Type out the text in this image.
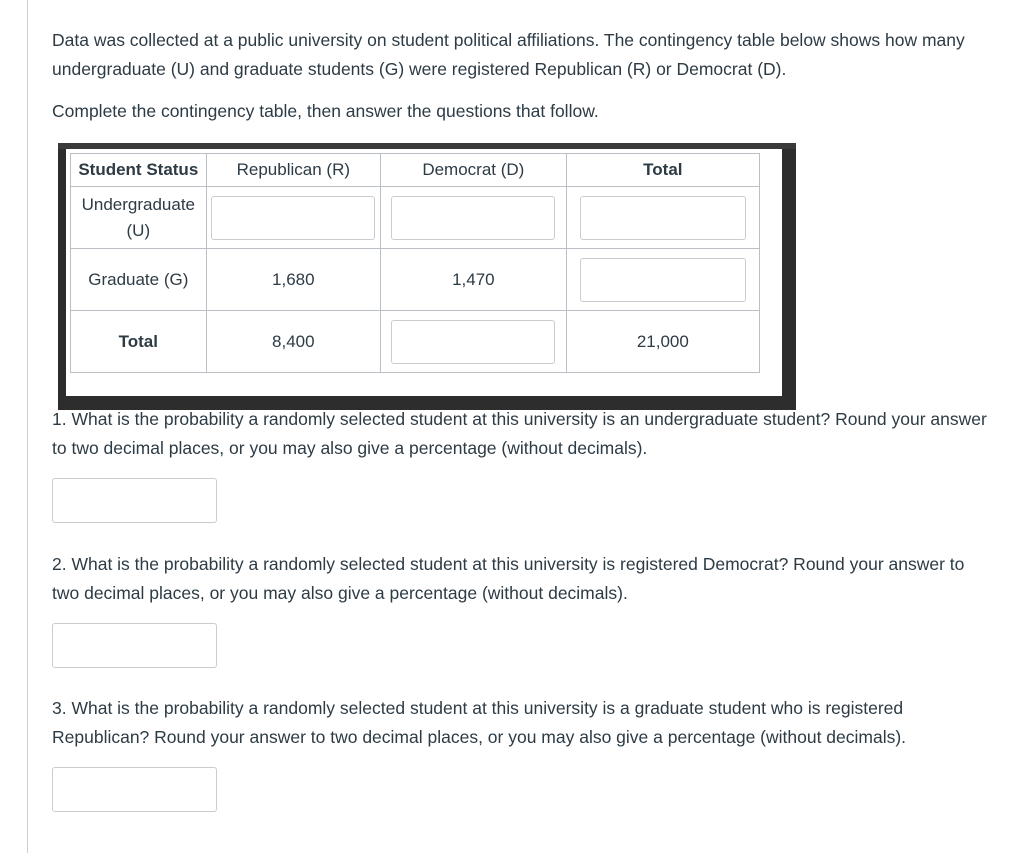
Data was collected at a public university on student political affiliations. The contingency table below shows how many undergraduate (U) and graduate students (G) were registered Republican (R) or Democrat (D).

Complete the contingency table, then answer the questions that follow.

Student Status	Republican (R)	Democrat (D)	Total

Undergraduate
(U)

Graduate (G)	1,680	1,470	

Total	8,400		21,000

1. What is the probability a randomly selected student at this university is an undergraduate student? Round your answer to two decimal places, or you may also give a percentage (without decimals).

2. What is the probability a randomly selected student at this university is registered Democrat? Round your answer to two decimal places, or you may also give a percentage (without decimals).

3. What is the probability a randomly selected student at this university is a graduate student who is registered Republican? Round your answer to two decimal places, or you may also give a percentage (without decimals).
